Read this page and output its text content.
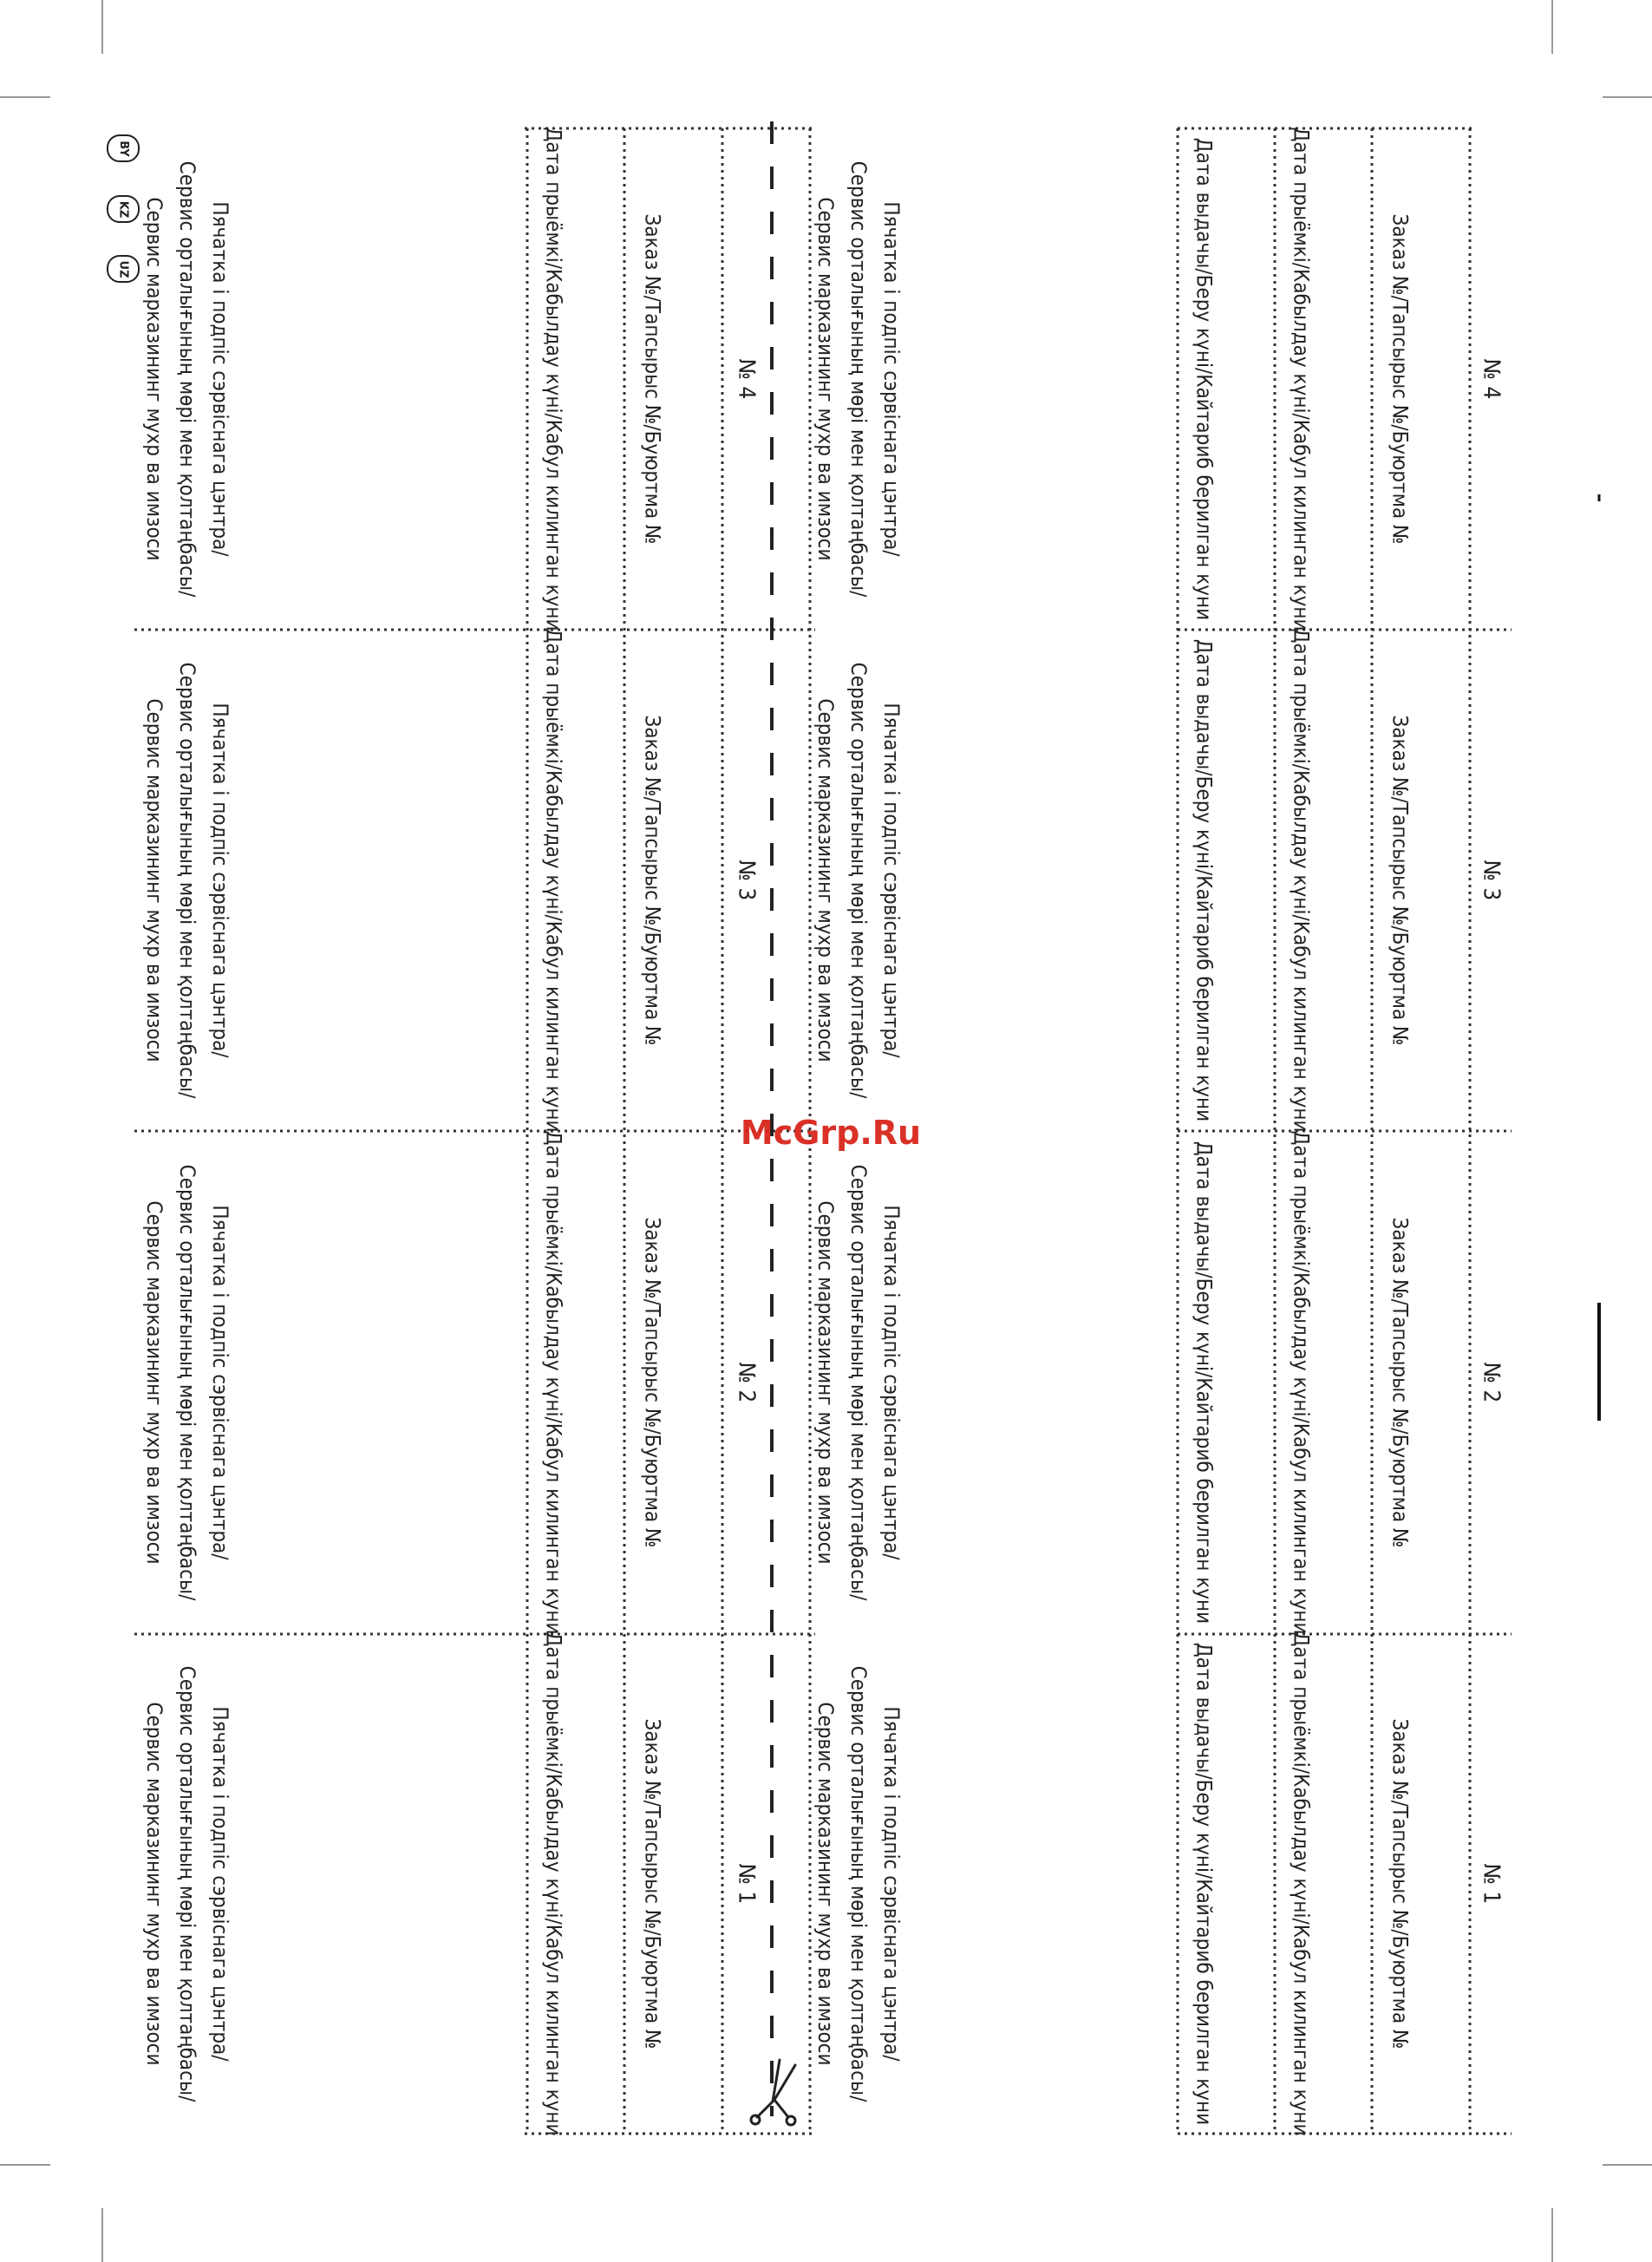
McGrp.Ru
BY
KZ
UZ
№ 4
Заказ №/Тапсырыс №/Буюртма №
Дата прыёмкі/Кабылдау күні/Кабул килинган куни
Дата выдачы/Беру күні/Кайтариб берилган куни
Пячатка і подпіс сэрвіснага цэнтра/
Сервис орталығының мөрі мен қолтаңбасы/
Сервис марказининг мухр ва имзоси
№ 4
Заказ №/Тапсырыс №/Буюртма №
Дата прыёмкі/Кабылдау күні/Кабул килинган куни
Пячатка і подпіс сэрвіснага цэнтра/
Сервис орталығының мөрі мен қолтаңбасы/
Сервис марказининг мухр ва имзоси
№ 3
Заказ №/Тапсырыс №/Буюртма №
Дата прыёмкі/Кабылдау күні/Кабул килинган куни
Дата выдачы/Беру күні/Кайтариб берилган куни
Пячатка і подпіс сэрвіснага цэнтра/
Сервис орталығының мөрі мен қолтаңбасы/
Сервис марказининг мухр ва имзоси
№ 3
Заказ №/Тапсырыс №/Буюртма №
Дата прыёмкі/Кабылдау күні/Кабул килинган куни
Пячатка і подпіс сэрвіснага цэнтра/
Сервис орталығының мөрі мен қолтаңбасы/
Сервис марказининг мухр ва имзоси
№ 2
Заказ №/Тапсырыс №/Буюртма №
Дата прыёмкі/Кабылдау күні/Кабул килинган куни
Дата выдачы/Беру күні/Кайтариб берилган куни
Пячатка і подпіс сэрвіснага цэнтра/
Сервис орталығының мөрі мен қолтаңбасы/
Сервис марказининг мухр ва имзоси
№ 2
Заказ №/Тапсырыс №/Буюртма №
Дата прыёмкі/Кабылдау күні/Кабул килинган куни
Пячатка і подпіс сэрвіснага цэнтра/
Сервис орталығының мөрі мен қолтаңбасы/
Сервис марказининг мухр ва имзоси
№ 1
Заказ №/Тапсырыс №/Буюртма №
Дата прыёмкі/Кабылдау күні/Кабул килинган куни
Дата выдачы/Беру күні/Кайтариб берилган куни
Пячатка і подпіс сэрвіснага цэнтра/
Сервис орталығының мөрі мен қолтаңбасы/
Сервис марказининг мухр ва имзоси
№ 1
Заказ №/Тапсырыс №/Буюртма №
Дата прыёмкі/Кабылдау күні/Кабул килинган куни
Пячатка і подпіс сэрвіснага цэнтра/
Сервис орталығының мөрі мен қолтаңбасы/
Сервис марказининг мухр ва имзоси
